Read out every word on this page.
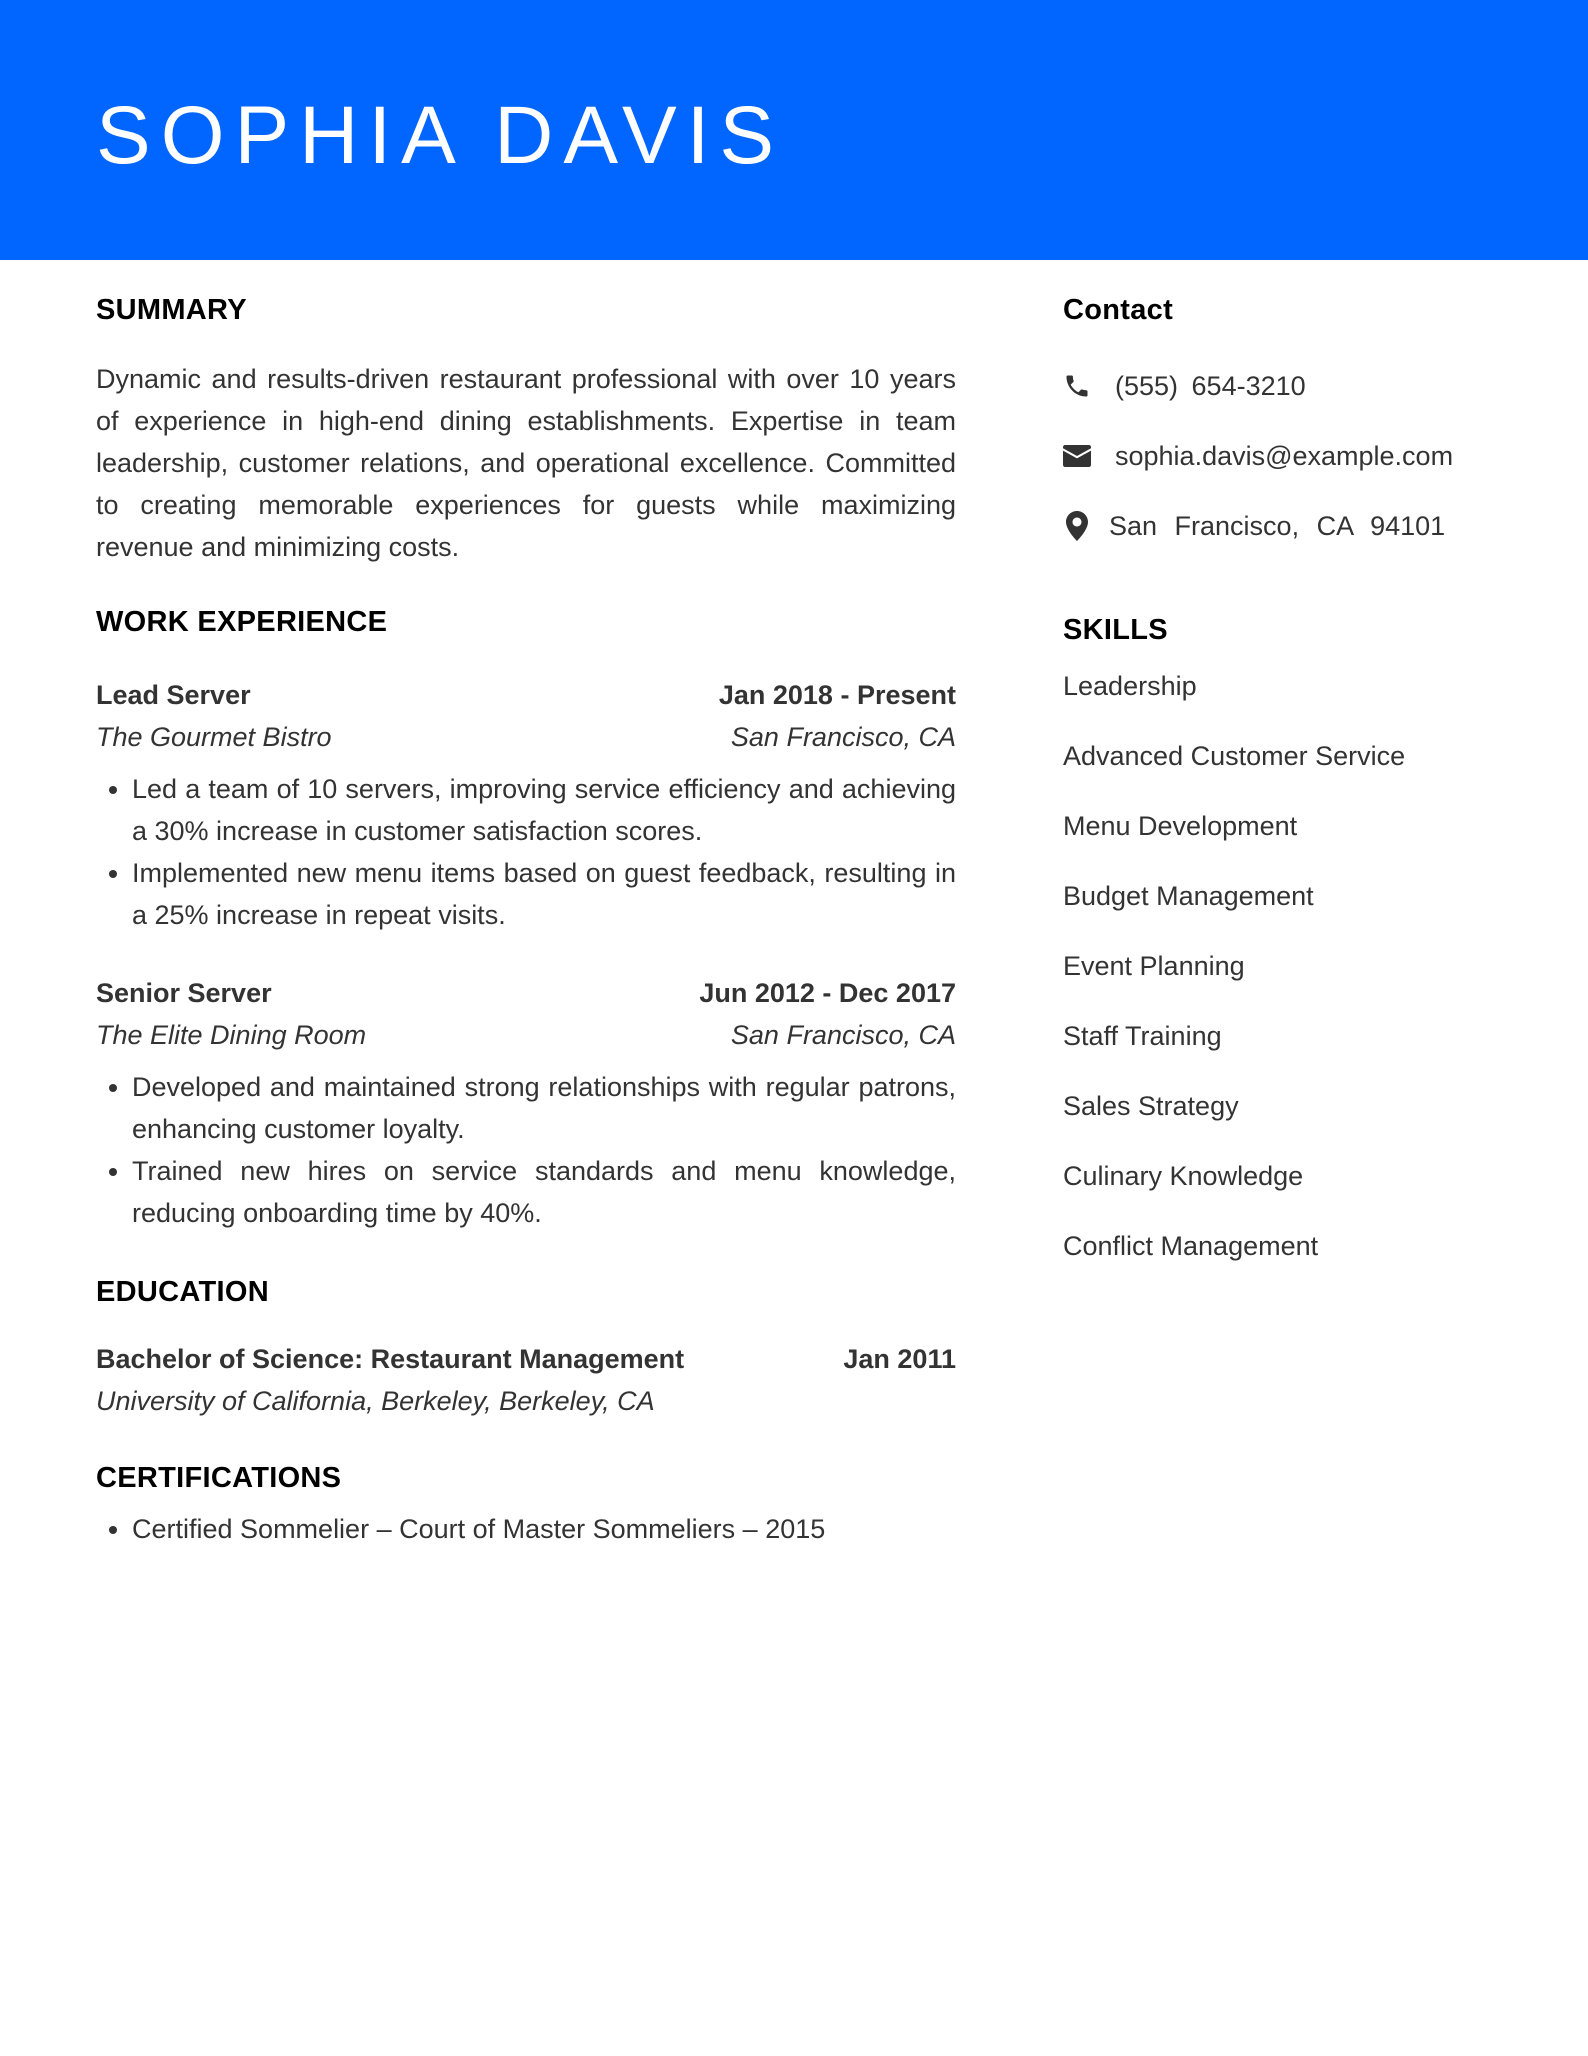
SOPHIA DAVIS
SUMMARY

Dynamic and results-driven restaurant professional with over 10 years of experience in high-end dining establishments. Expertise in team leadership, customer relations, and operational excellence. Committed to creating memorable experiences for guests while maximizing revenue and minimizing costs.

WORK EXPERIENCE
Lead Server	Jan 2018 - Present
The Gourmet Bistro	San Francisco, CA
• Led a team of 10 servers, improving service efficiency and achieving a 30% increase in customer satisfaction scores.
• Implemented new menu items based on guest feedback, resulting in a 25% increase in repeat visits.
Senior Server	Jun 2012 - Dec 2017
The Elite Dining Room	San Francisco, CA
• Developed and maintained strong relationships with regular patrons, enhancing customer loyalty.
• Trained new hires on service standards and menu knowledge, reducing onboarding time by 40%.
EDUCATION
Bachelor of Science: Restaurant Management	Jan 2011
University of California, Berkeley, Berkeley, CA
CERTIFICATIONS
• Certified Sommelier – Court of Master Sommeliers – 2015
Contact
(555) 654-3210
sophia.davis@example.com
San Francisco, CA 94101
SKILLS
Leadership
Advanced Customer Service
Menu Development
Budget Management
Event Planning
Staff Training
Sales Strategy
Culinary Knowledge
Conflict Management
